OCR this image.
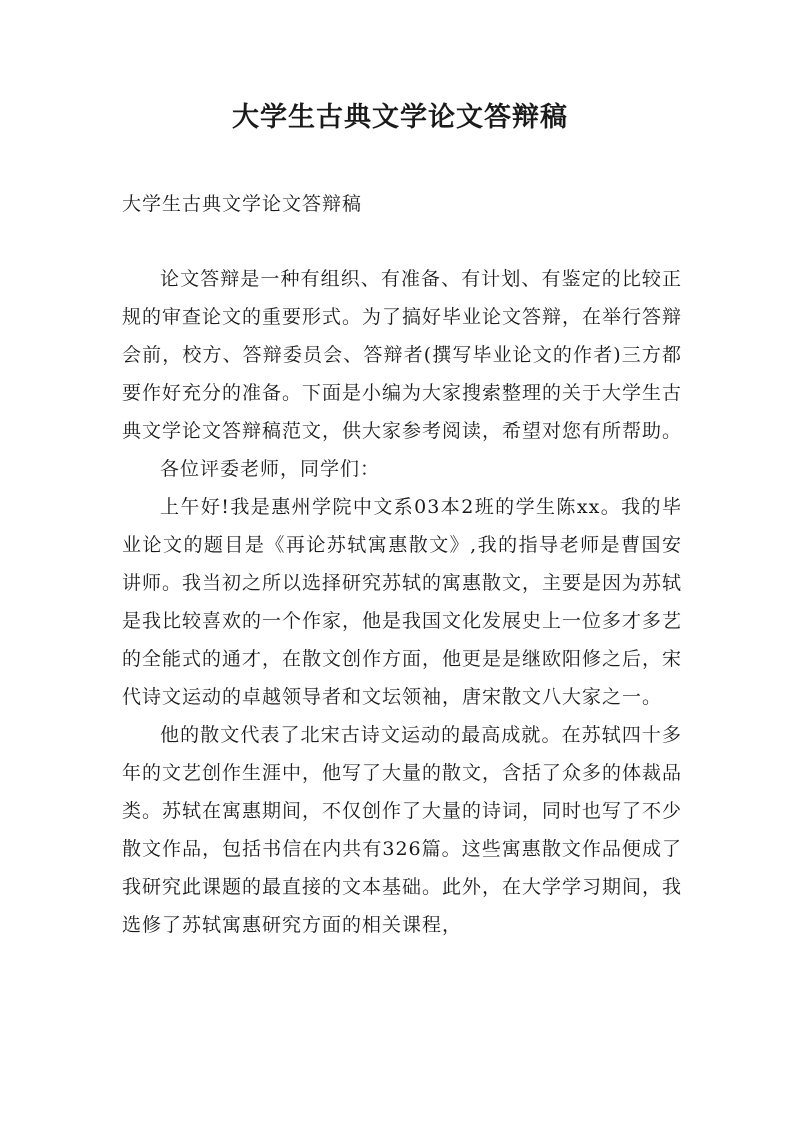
大学生古典文学论文答辩稿

大学生古典文学论文答辩稿

论文答辩是一种有组织、有准备、有计划、有鉴定的比较正规的审查论文的重要形式。为了搞好毕业论文答辩，在举行答辩会前，校方、答辩委员会、答辩者(撰写毕业论文的作者)三方都要作好充分的准备。下面是小编为大家搜索整理的关于大学生古典文学论文答辩稿范文，供大家参考阅读，希望对您有所帮助。

各位评委老师，同学们：

上午好!我是惠州学院中文系03本2班的学生陈xx。我的毕业论文的题目是《再论苏轼寓惠散文》,我的指导老师是曹国安讲师。我当初之所以选择研究苏轼的寓惠散文，主要是因为苏轼是我比较喜欢的一个作家，他是我国文化发展史上一位多才多艺的全能式的通才，在散文创作方面，他更是是继欧阳修之后，宋代诗文运动的卓越领导者和文坛领袖，唐宋散文八大家之一。

他的散文代表了北宋古诗文运动的最高成就。在苏轼四十多年的文艺创作生涯中，他写了大量的散文，含括了众多的体裁品类。苏轼在寓惠期间，不仅创作了大量的诗词，同时也写了不少散文作品，包括书信在内共有326篇。这些寓惠散文作品便成了我研究此课题的最直接的文本基础。此外，在大学学习期间，我选修了苏轼寓惠研究方面的相关课程，
